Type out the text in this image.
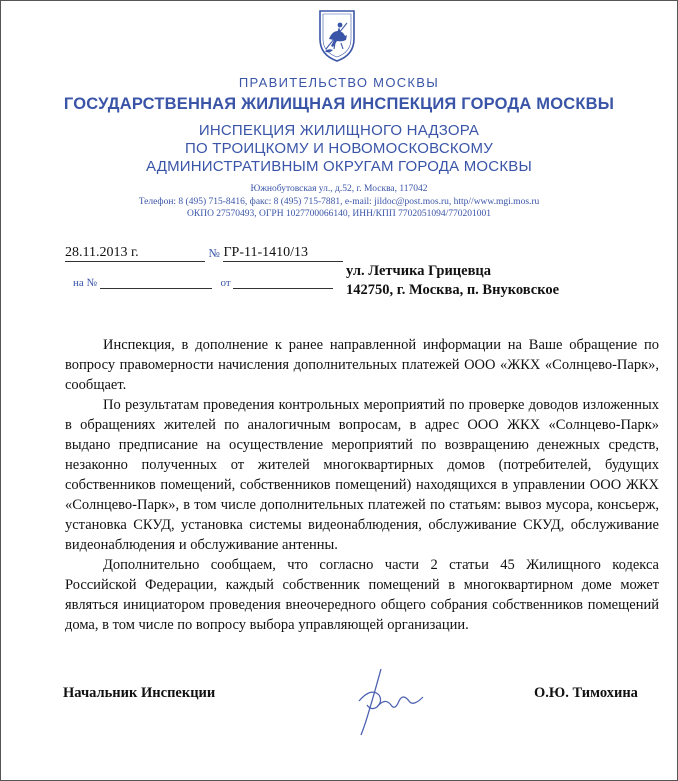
ПРАВИТЕЛЬСТВО МОСКВЫ
ГОСУДАРСТВЕННАЯ ЖИЛИЩНАЯ ИНСПЕКЦИЯ ГОРОДА МОСКВЫ
ИНСПЕКЦИЯ ЖИЛИЩНОГО НАДЗОРА
ПО ТРОИЦКОМУ И НОВОМОСКОВСКОМУ
АДМИНИСТРАТИВНЫМ ОКРУГАМ ГОРОДА МОСКВЫ
Южнобутовская ул., д.52, г. Москва, 117042
Телефон: 8 (495) 715-8416, факс: 8 (495) 715-7881, e-mail: jildoc@post.mos.ru, http//www.mgi.mos.ru
ОКПО 27570493, ОГРН 1027700066140, ИНН/КПП 7702051094/770201001
28.11.2013 г.	№ ГР-11-1410/13
на №	от
ул. Летчика Грицевца
142750, г. Москва, п. Внуковское

Инспекция, в дополнение к ранее направленной информации на Ваше обращение по вопросу правомерности начисления дополнительных платежей ООО «ЖКХ «Солнцево-Парк», сообщает.

По результатам проведения контрольных мероприятий по проверке доводов изложенных в обращениях жителей по аналогичным вопросам, в адрес ООО ЖКХ «Солнцево-Парк» выдано предписание на осуществление мероприятий по возвращению денежных средств, незаконно полученных от жителей многоквартирных домов (потребителей, будущих собственников помещений, собственников помещений) находящихся в управлении ООО ЖКХ «Солнцево-Парк», в том числе дополнительных платежей по статьям: вывоз мусора, консьерж, установка СКУД, установка системы видеонаблюдения, обслуживание СКУД, обслуживание видеонаблюдения и обслуживание антенны.

Дополнительно сообщаем, что согласно части 2 статьи 45 Жилищного кодекса Российской Федерации, каждый собственник помещений в многоквартирном доме может являться инициатором проведения внеочередного общего собрания собственников помещений дома, в том числе по вопросу выбора управляющей организации.

Начальник Инспекции	О.Ю. Тимохина
